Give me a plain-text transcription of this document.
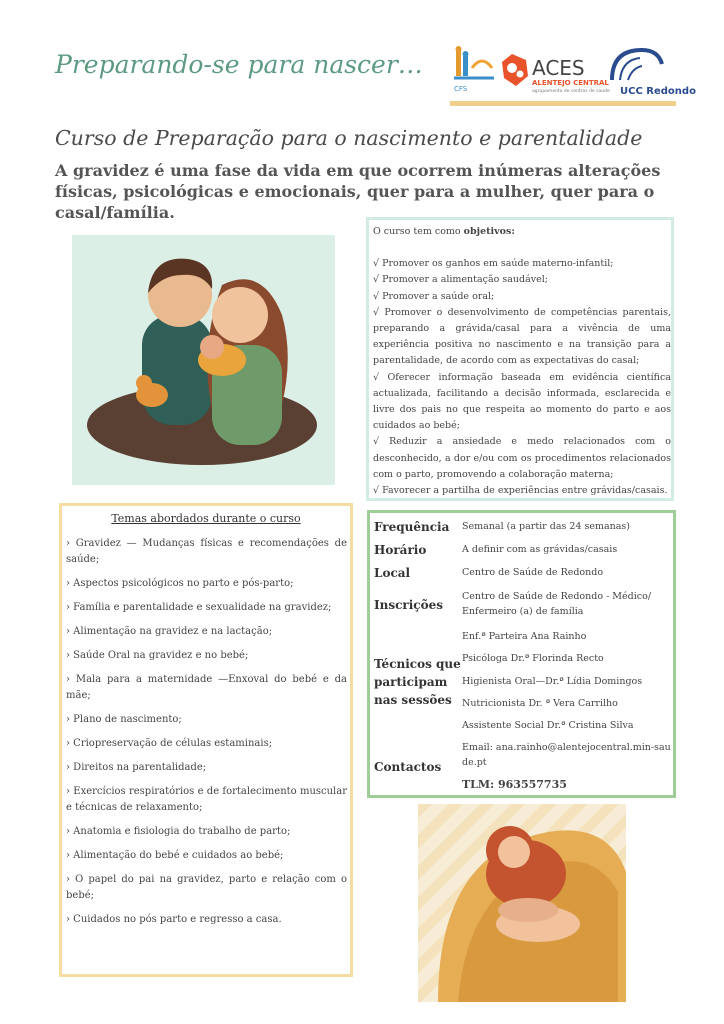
Preparando-se para nascer…
CFS
ACES
ALENTEJO CENTRAL
agrupamento de centros de saúde UCC Redondo
Curso de Preparação para o nascimento e parentalidade
A gravidez é uma fase da vida em que ocorrem inúmeras alterações físicas, psicológicas e emocionais, quer para a mulher, quer para o casal/família.

O curso tem como objetivos:

√ Promover os ganhos em saúde materno-infantil;

√ Promover a alimentação saudável;

√ Promover a saúde oral;

√ Promover o desenvolvimento de competências parentais, preparando a grávida/casal para a vivência de uma experiência positiva no nascimento e na transição para a parentalidade, de acordo com as expectativas do casal;

√ Oferecer informação baseada em evidência científica actualizada, facilitando a decisão informada, esclarecida e livre dos pais no que respeita ao momento do parto e aos cuidados ao bebé;

√ Reduzir a ansiedade e medo relacionados com o desconhecido, a dor e/ou com os procedimentos relacionados com o parto, promovendo a colaboração materna;

√ Favorecer a partilha de experiências entre grávidas/casais.

Temas abordados durante o curso
› Gravidez — Mudanças físicas e recomendações de saúde;
› Aspectos psicológicos no parto e pós-parto;
› Família e parentalidade e sexualidade na gravidez;
› Alimentação na gravidez e na lactação;
› Saúde Oral na gravidez e no bebé;
› Mala para a maternidade —Enxoval do bebé e da mãe;
› Plano de nascimento;
› Criopreservação de células estaminais;
› Direitos na parentalidade;
› Exercícios respiratórios e de fortalecimento muscular e técnicas de relaxamento;
› Anatomia e fisiologia do trabalho de parto;
› Alimentação do bebé e cuidados ao bebé;
› O papel do pai na gravidez, parto e relação com o bebé;
› Cuidados no pós parto e regresso a casa.
Frequência Semanal (a partir das 24 semanas)
Horário	A definir com as grávidas/casais
Local	Centro de Saúde de Redondo
Inscrições
Centro de Saúde de Redondo - Médico/ Enfermeiro (a) de família
Técnicos que participam nas sessões
Enf.ª Parteira Ana Rainho
Psicóloga Dr.ª Florinda Recto
Higienista Oral—Dr.ª Lídia Domingos
Nutricionista Dr. ª Vera Carrilho
Assistente Social Dr.ª Cristina Silva
Contactos
Email: ana.rainho@alentejocentral.min-saude.pt
TLM: 963557735
